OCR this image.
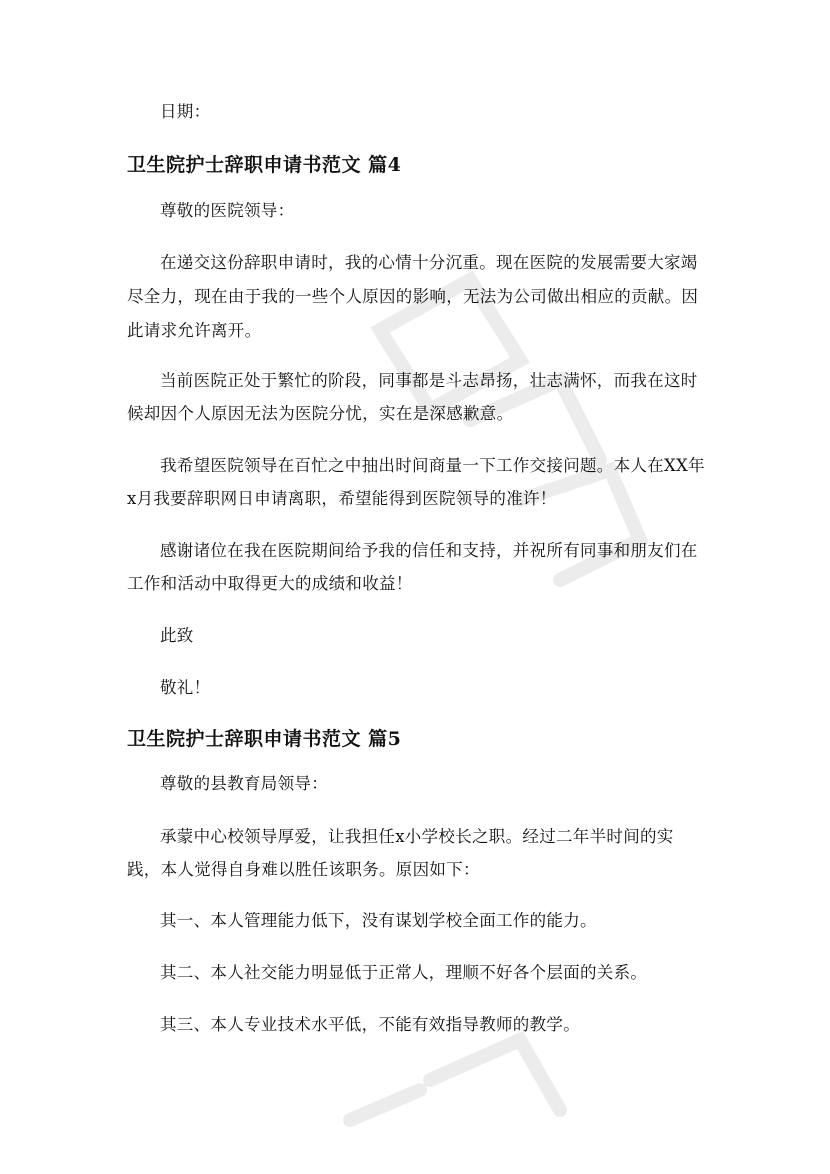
日期：
卫生院护士辞职申请书范文 篇4
尊敬的医院领导：
在递交这份辞职申请时，我的心情十分沉重。现在医院的发展需要大家竭
尽全力，现在由于我的一些个人原因的影响，无法为公司做出相应的贡献。因
此请求允许离开。
当前医院正处于繁忙的阶段，同事都是斗志昂扬，壮志满怀，而我在这时
候却因个人原因无法为医院分忧，实在是深感歉意。
我希望医院领导在百忙之中抽出时间商量一下工作交接问题。本人在XX年
x月我要辞职网日申请离职，希望能得到医院领导的准许！
感谢诸位在我在医院期间给予我的信任和支持，并祝所有同事和朋友们在
工作和活动中取得更大的成绩和收益！
此致
敬礼！
卫生院护士辞职申请书范文 篇5
尊敬的县教育局领导：
承蒙中心校领导厚爱，让我担任x小学校长之职。经过二年半时间的实
践，本人觉得自身难以胜任该职务。原因如下：
其一、本人管理能力低下，没有谋划学校全面工作的能力。
其二、本人社交能力明显低于正常人，理顺不好各个层面的关系。
其三、本人专业技术水平低，不能有效指导教师的教学。
